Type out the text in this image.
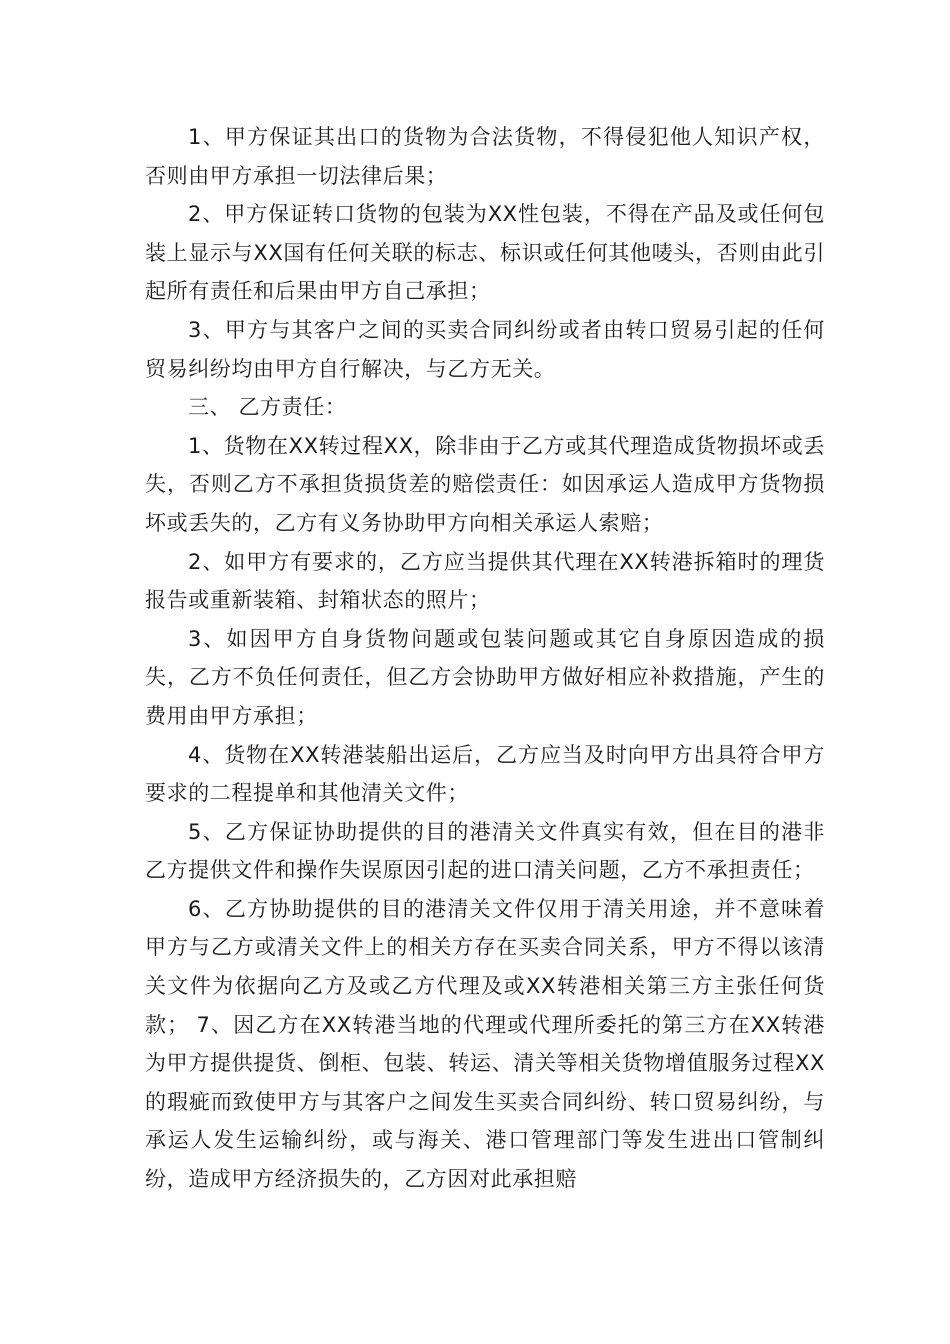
1、甲方保证其出口的货物为合法货物，不得侵犯他人知识产权，否则由甲方承担一切法律后果；

2、甲方保证转口货物的包装为XX性包装，不得在产品及或任何包装上显示与XX国有任何关联的标志、标识或任何其他唛头，否则由此引起所有责任和后果由甲方自己承担；

3、甲方与其客户之间的买卖合同纠纷或者由转口贸易引起的任何贸易纠纷均由甲方自行解决，与乙方无关。

三、 乙方责任：

1、货物在XX转过程XX，除非由于乙方或其代理造成货物损坏或丢失，否则乙方不承担货损货差的赔偿责任：如因承运人造成甲方货物损坏或丢失的，乙方有义务协助甲方向相关承运人索赔；

2、如甲方有要求的，乙方应当提供其代理在XX转港拆箱时的理货报告或重新装箱、封箱状态的照片；

3、如因甲方自身货物问题或包装问题或其它自身原因造成的损失，乙方不负任何责任，但乙方会协助甲方做好相应补救措施，产生的费用由甲方承担；

4、货物在XX转港装船出运后，乙方应当及时向甲方出具符合甲方要求的二程提单和其他清关文件；

5、乙方保证协助提供的目的港清关文件真实有效，但在目的港非乙方提供文件和操作失误原因引起的进口清关问题，乙方不承担责任；

6、乙方协助提供的目的港清关文件仅用于清关用途，并不意味着甲方与乙方或清关文件上的相关方存在买卖合同关系，甲方不得以该清关文件为依据向乙方及或乙方代理及或XX转港相关第三方主张任何货款； 7、因乙方在XX转港当地的代理或代理所委托的第三方在XX转港为甲方提供提货、倒柜、包装、转运、清关等相关货物增值服务过程XX的瑕疵而致使甲方与其客户之间发生买卖合同纠纷、转口贸易纠纷，与承运人发生运输纠纷，或与海关、港口管理部门等发生进出口管制纠纷，造成甲方经济损失的，乙方因对此承担赔
